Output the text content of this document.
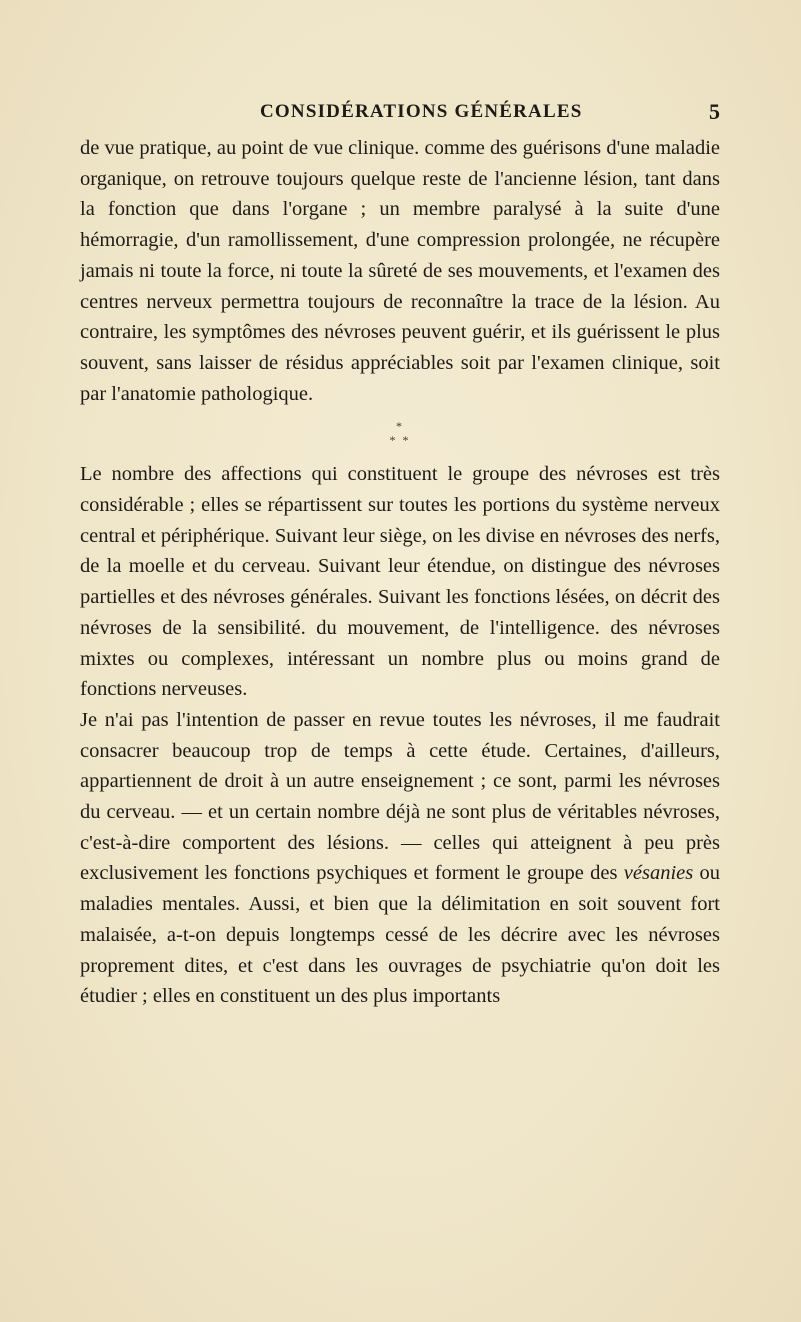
CONSIDÉRATIONS GÉNÉRALES	5

de vue pratique, au point de vue clinique. comme des guérisons d'une maladie organique, on retrouve toujours quelque reste de l'ancienne lésion, tant dans la fonction que dans l'organe ; un membre paralysé à la suite d'une hémorragie, d'un ramollissement, d'une compression prolongée, ne récupère jamais ni toute la force, ni toute la sûreté de ses mouvements, et l'examen des centres nerveux permettra toujours de reconnaître la trace de la lésion. Au contraire, les symptômes des névroses peuvent guérir, et ils guérissent le plus souvent, sans laisser de résidus appréciables soit par l'examen clinique, soit par l'anatomie pathologique.

*
* *

Le nombre des affections qui constituent le groupe des névroses est très considérable ; elles se répartissent sur toutes les portions du système nerveux central et périphérique. Suivant leur siège, on les divise en névroses des nerfs, de la moelle et du cerveau. Suivant leur étendue, on distingue des névroses partielles et des névroses générales. Suivant les fonctions lésées, on décrit des névroses de la sensibilité. du mouvement, de l'intelligence. des névroses mixtes ou complexes, intéressant un nombre plus ou moins grand de fonctions nerveuses.

Je n'ai pas l'intention de passer en revue toutes les névroses, il me faudrait consacrer beaucoup trop de temps à cette étude. Certaines, d'ailleurs, appartiennent de droit à un autre enseignement ; ce sont, parmi les névroses du cerveau. — et un certain nombre déjà ne sont plus de véritables névroses, c'est-à-dire comportent des lésions. — celles qui atteignent à peu près exclusivement les fonctions psychiques et forment le groupe des vésanies ou maladies mentales. Aussi, et bien que la délimitation en soit souvent fort malaisée, a-t-on depuis longtemps cessé de les décrire avec les névroses proprement dites, et c'est dans les ouvrages de psychiatrie qu'on doit les étudier ; elles en constituent un des plus importants
